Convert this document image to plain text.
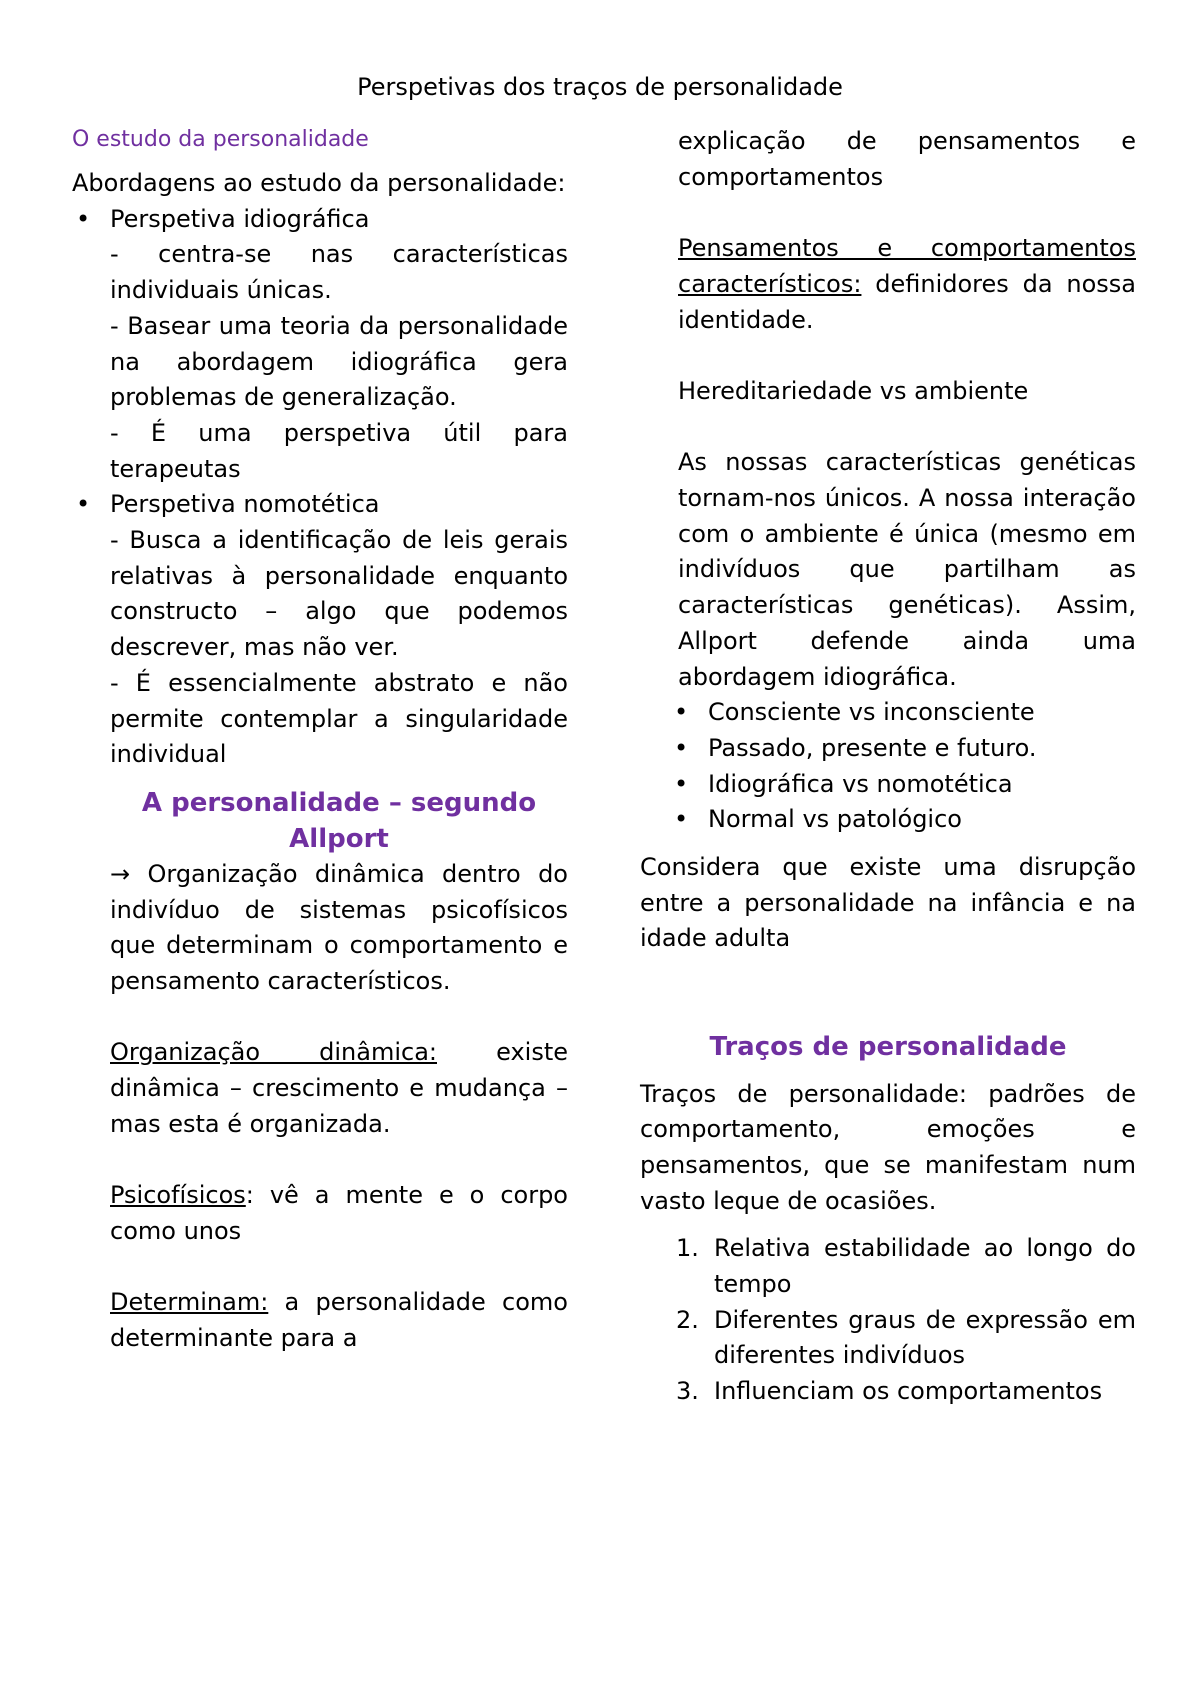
Perspetivas dos traços de personalidade
O estudo da personalidade

Abordagens ao estudo da personalidade:

• Perspetiva idiográfica

- centra-se nas características individuais únicas.

- Basear uma teoria da personalidade na abordagem idiográfica gera problemas de generalização.

- É uma perspetiva útil para terapeutas

• Perspetiva nomotética

- Busca a identificação de leis gerais relativas à personalidade enquanto constructo – algo que podemos descrever, mas não ver.

- É essencialmente abstrato e não permite contemplar a singularidade individual

A personalidade – segundo Allport

→ Organização dinâmica dentro do indivíduo de sistemas psicofísicos que determinam o comportamento e pensamento característicos.

Organização dinâmica: existe dinâmica – crescimento e mudança – mas esta é organizada.

Psicofísicos: vê a mente e o corpo como unos

Determinam: a personalidade como determinante para a

explicação de pensamentos e comportamentos

Pensamentos e comportamentos característicos: definidores da nossa identidade.

Hereditariedade vs ambiente

As nossas características genéticas tornam-nos únicos. A nossa interação com o ambiente é única (mesmo em indivíduos que partilham as características genéticas). Assim, Allport defende ainda uma abordagem idiográfica.

• Consciente vs inconsciente
• Passado, presente e futuro.
• Idiográfica vs nomotética
• Normal vs patológico

Considera que existe uma disrupção entre a personalidade na infância e na idade adulta

Traços de personalidade

Traços de personalidade: padrões de comportamento, emoções e pensamentos, que se manifestam num vasto leque de ocasiões.

1. Relativa estabilidade ao longo do tempo
2. Diferentes graus de expressão em diferentes indivíduos
3. Influenciam os comportamentos
